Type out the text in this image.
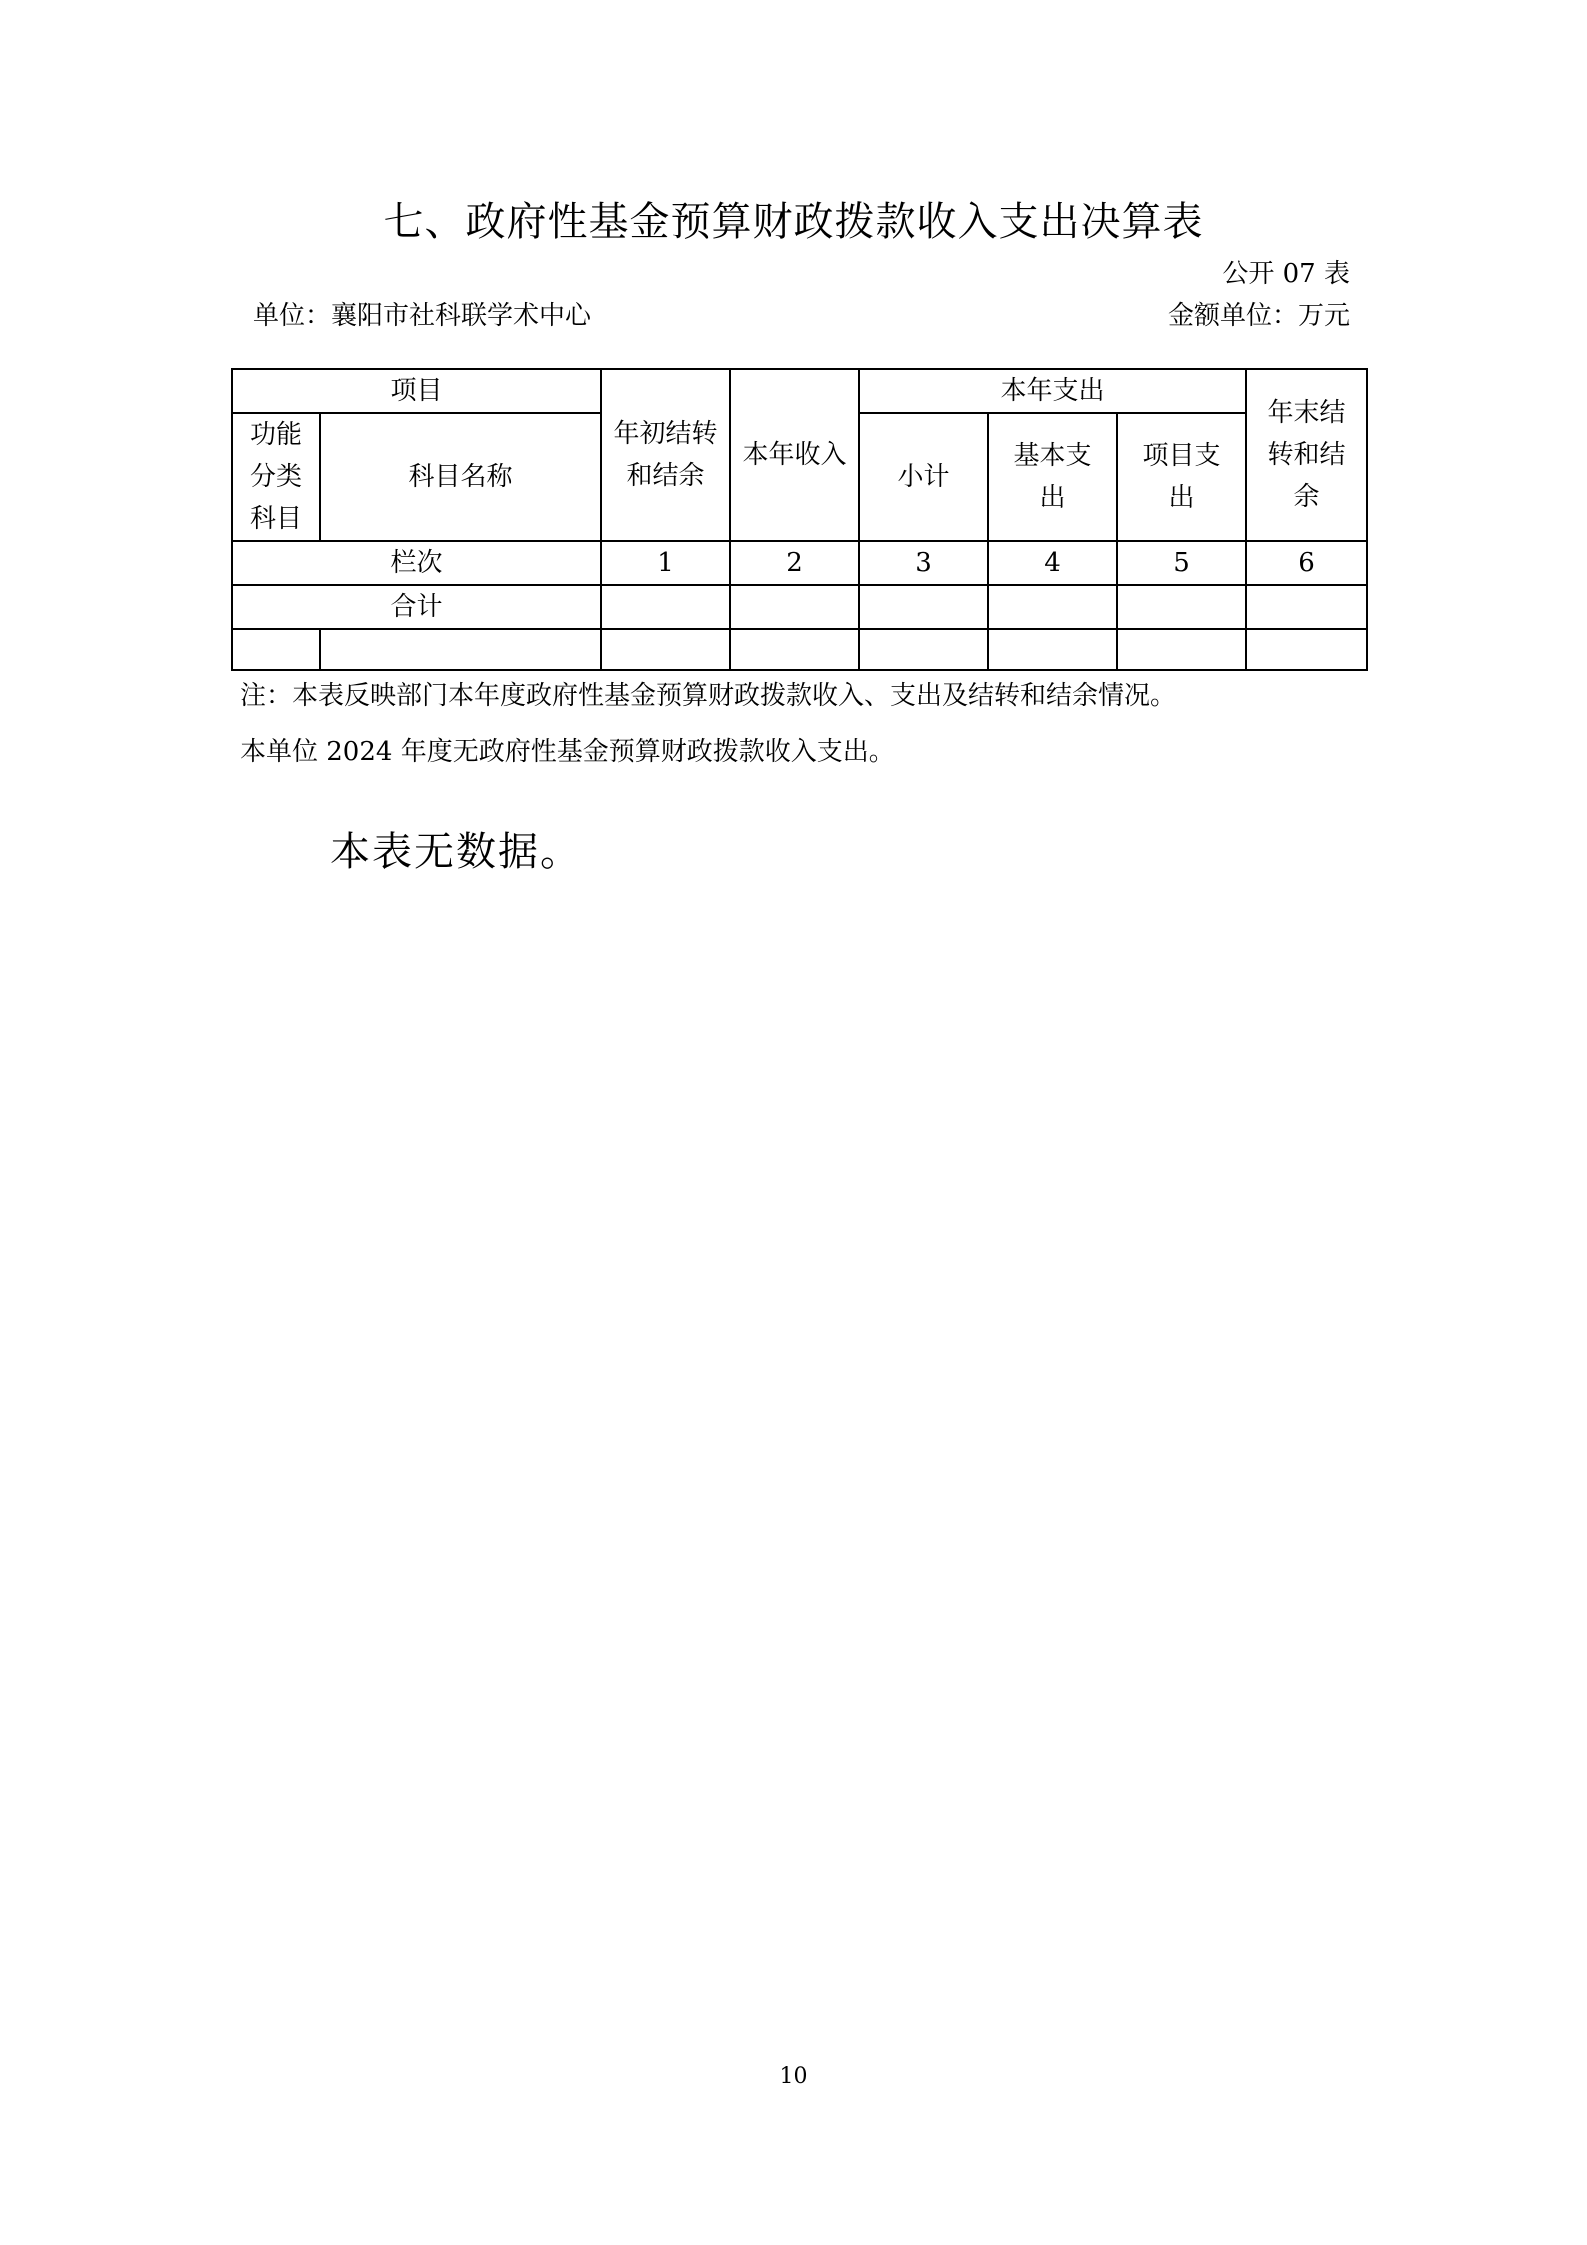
七、政府性基金预算财政拨款收入支出决算表
公开 07 表
单位：襄阳市社科联学术中心	金额单位：万元
项目		年初结转和结余	本年收入	本年支出			年末结转和结余

功能分类科目	科目名称			小计	基本支出	项目支出	

栏次		1	2	3	4	5	6
合计							

注：本表反映部门本年度政府性基金预算财政拨款收入、支出及结转和结余情况。
本单位 2024 年度无政府性基金预算财政拨款收入支出。
本表无数据。
10
